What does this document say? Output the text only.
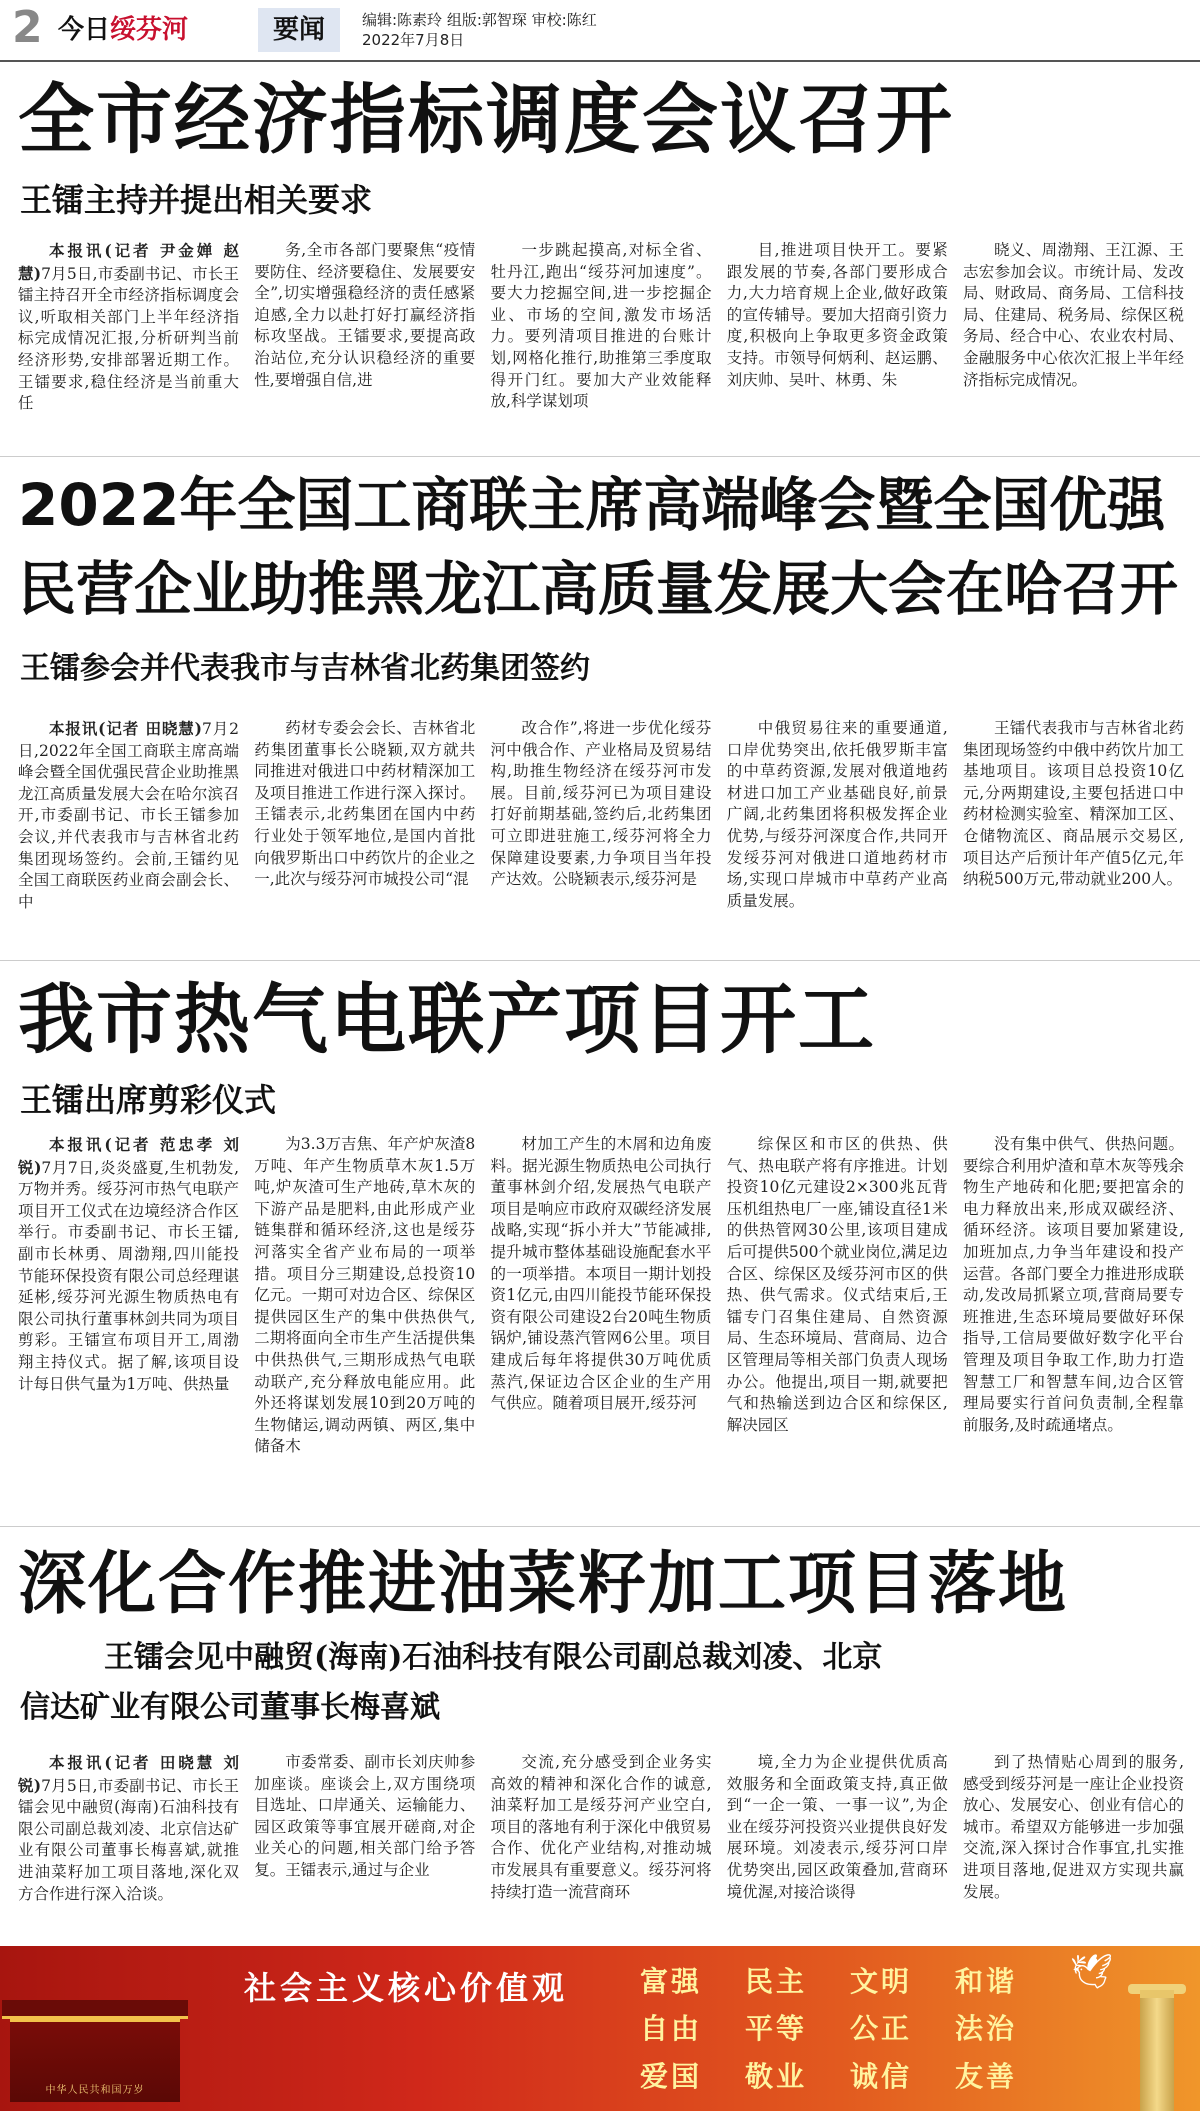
2 今日绥芬河	要闻	编辑:陈素玲 组版:郭智琛 审校:陈红
2022年7月8日
全市经济指标调度会议召开
王镭主持并提出相关要求
本报讯(记者 尹金婵 赵慧)7月5日,市委副书记、市长王镭主持召开全市经济指标调度会议,听取相关部门上半年经济指标完成情况汇报,分析研判当前经济形势,安排部署近期工作。王镭要求,稳住经济是当前重大任
务,全市各部门要聚焦“疫情要防住、经济要稳住、发展要安全”,切实增强稳经济的责任感紧迫感,全力以赴打好打赢经济指标攻坚战。王镭要求,要提高政治站位,充分认识稳经济的重要性,要增强自信,进
一步跳起摸高,对标全省、牡丹江,跑出“绥芬河加速度”。要大力挖掘空间,进一步挖掘企业、市场的空间,激发市场活力。要列清项目推进的台账计划,网格化推行,助推第三季度取得开门红。要加大产业效能释放,科学谋划项
目,推进项目快开工。要紧跟发展的节奏,各部门要形成合力,大力培育规上企业,做好政策的宣传辅导。要加大招商引资力度,积极向上争取更多资金政策支持。市领导何炳利、赵运鹏、刘庆帅、吴叶、林勇、朱
晓义、周渤翔、王江源、王志宏参加会议。市统计局、发改局、财政局、商务局、工信科技局、住建局、税务局、综保区税务局、经合中心、农业农村局、金融服务中心依次汇报上半年经济指标完成情况。
2022年全国工商联主席高端峰会暨全国优强
民营企业助推黑龙江高质量发展大会在哈召开
王镭参会并代表我市与吉林省北药集团签约
本报讯(记者 田晓慧)7月2日,2022年全国工商联主席高端峰会暨全国优强民营企业助推黑龙江高质量发展大会在哈尔滨召开,市委副书记、市长王镭参加会议,并代表我市与吉林省北药集团现场签约。会前,王镭约见全国工商联医药业商会副会长、中
药材专委会会长、吉林省北药集团董事长公晓颖,双方就共同推进对俄进口中药材精深加工及项目推进工作进行深入探讨。王镭表示,北药集团在国内中药行业处于领军地位,是国内首批向俄罗斯出口中药饮片的企业之一,此次与绥芬河市城投公司“混
改合作”,将进一步优化绥芬河中俄合作、产业格局及贸易结构,助推生物经济在绥芬河市发展。目前,绥芬河已为项目建设打好前期基础,签约后,北药集团可立即进驻施工,绥芬河将全力保障建设要素,力争项目当年投产达效。公晓颖表示,绥芬河是
中俄贸易往来的重要通道,口岸优势突出,依托俄罗斯丰富的中草药资源,发展对俄道地药材进口加工产业基础良好,前景广阔,北药集团将积极发挥企业优势,与绥芬河深度合作,共同开发绥芬河对俄进口道地药材市场,实现口岸城市中草药产业高质量发展。
王镭代表我市与吉林省北药集团现场签约中俄中药饮片加工基地项目。该项目总投资10亿元,分两期建设,主要包括进口中药材检测实验室、精深加工区、仓储物流区、商品展示交易区,项目达产后预计年产值5亿元,年纳税500万元,带动就业200人。
我市热气电联产项目开工
王镭出席剪彩仪式
本报讯(记者 范忠孝 刘锐)7月7日,炎炎盛夏,生机勃发,万物并秀。绥芬河市热气电联产项目开工仪式在边境经济合作区举行。市委副书记、市长王镭,副市长林勇、周渤翔,四川能投节能环保投资有限公司总经理谌延彬,绥芬河光源生物质热电有限公司执行董事林剑共同为项目剪彩。王镭宣布项目开工,周渤翔主持仪式。据了解,该项目设计每日供气量为1万吨、供热量
为3.3万吉焦、年产炉灰渣8万吨、年产生物质草木灰1.5万吨,炉灰渣可生产地砖,草木灰的下游产品是肥料,由此形成产业链集群和循环经济,这也是绥芬河落实全省产业布局的一项举措。项目分三期建设,总投资10亿元。一期可对边合区、综保区提供园区生产的集中供热供气,二期将面向全市生产生活提供集中供热供气,三期形成热气电联动联产,充分释放电能应用。此外还将谋划发展10到20万吨的生物储运,调动两镇、两区,集中储备木
材加工产生的木屑和边角废料。据光源生物质热电公司执行董事林剑介绍,发展热气电联产项目是响应市政府双碳经济发展战略,实现“拆小并大”节能减排,提升城市整体基础设施配套水平的一项举措。本项目一期计划投资1亿元,由四川能投节能环保投资有限公司建设2台20吨生物质锅炉,铺设蒸汽管网6公里。项目建成后每年将提供30万吨优质蒸汽,保证边合区企业的生产用气供应。随着项目展开,绥芬河
综保区和市区的供热、供气、热电联产将有序推进。计划投资10亿元建设2×300兆瓦背压机组热电厂一座,铺设直径1米的供热管网30公里,该项目建成后可提供500个就业岗位,满足边合区、综保区及绥芬河市区的供热、供气需求。仪式结束后,王镭专门召集住建局、自然资源局、生态环境局、营商局、边合区管理局等相关部门负责人现场办公。他提出,项目一期,就要把气和热输送到边合区和综保区,解决园区
没有集中供气、供热问题。要综合利用炉渣和草木灰等残余物生产地砖和化肥;要把富余的电力释放出来,形成双碳经济、循环经济。该项目要加紧建设,加班加点,力争当年建设和投产运营。各部门要全力推进形成联动,发改局抓紧立项,营商局要专班推进,生态环境局要做好环保指导,工信局要做好数字化平台管理及项目争取工作,助力打造智慧工厂和智慧车间,边合区管理局要实行首问负责制,全程靠前服务,及时疏通堵点。
深化合作推进油菜籽加工项目落地
王镭会见中融贸(海南)石油科技有限公司副总裁刘凌、北京
信达矿业有限公司董事长梅喜斌
本报讯(记者 田晓慧 刘锐)7月5日,市委副书记、市长王镭会见中融贸(海南)石油科技有限公司副总裁刘凌、北京信达矿业有限公司董事长梅喜斌,就推进油菜籽加工项目落地,深化双方合作进行深入洽谈。
市委常委、副市长刘庆帅参加座谈。座谈会上,双方围绕项目选址、口岸通关、运输能力、园区政策等事宜展开磋商,对企业关心的问题,相关部门给予答复。王镭表示,通过与企业
交流,充分感受到企业务实高效的精神和深化合作的诚意,油菜籽加工是绥芬河产业空白,项目的落地有利于深化中俄贸易合作、优化产业结构,对推动城市发展具有重要意义。绥芬河将持续打造一流营商环
境,全力为企业提供优质高效服务和全面政策支持,真正做到“一企一策、一事一议”,为企业在绥芬河投资兴业提供良好发展环境。刘凌表示,绥芬河口岸优势突出,园区政策叠加,营商环境优渥,对接洽谈得
到了热情贴心周到的服务,感受到绥芬河是一座让企业投资放心、发展安心、创业有信心的城市。希望双方能够进一步加强交流,深入探讨合作事宜,扎实推进项目落地,促进双方实现共赢发展。
中华人民共和国万岁
社会主义核心价值观	富强	民主	文明	和谐
自由	平等	公正	法治
爱国	敬业	诚信	友善
🕊
